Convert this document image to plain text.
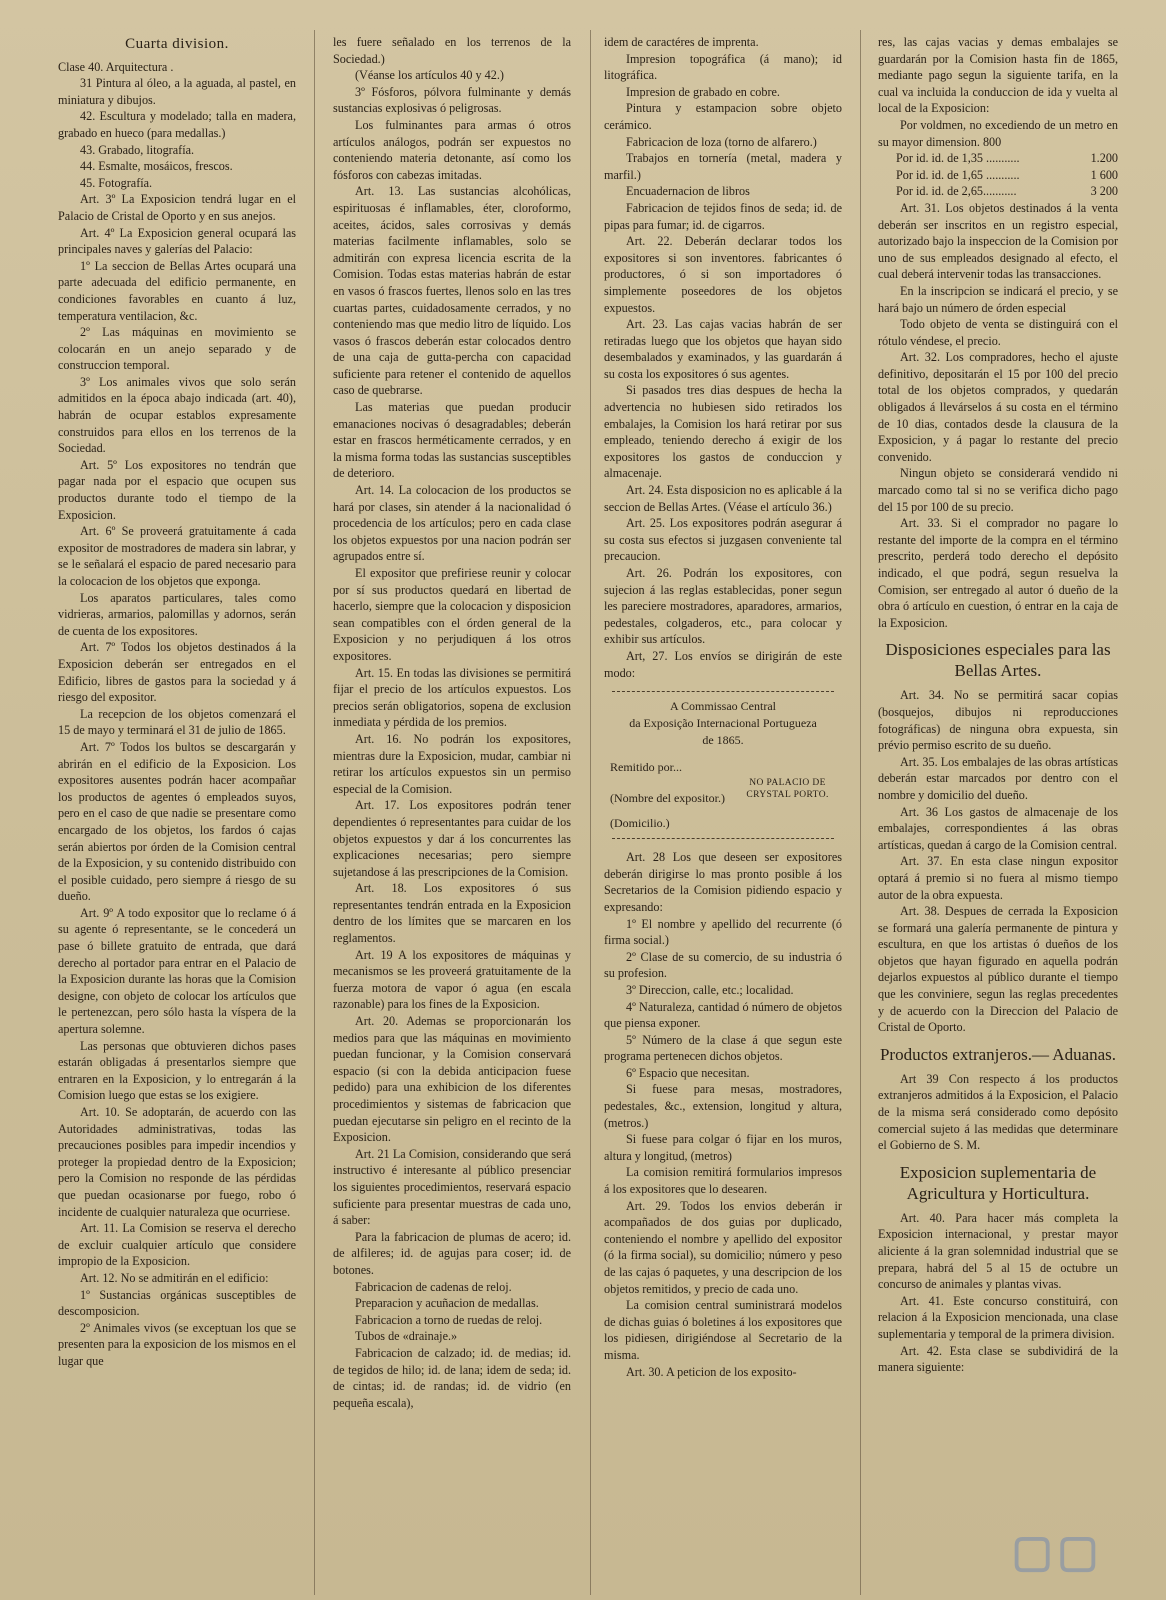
Cuarta division.

Clase 40. Arquitectura .

31 Pintura al óleo, a la aguada, al pastel, en miniatura y dibujos.

42. Escultura y modelado; talla en madera, grabado en hueco (para medallas.)

43. Grabado, litografía.

44. Esmalte, mosáicos, frescos.

45. Fotografía.

Art. 3º La Exposicion tendrá lugar en el Palacio de Cristal de Oporto y en sus anejos.

Art. 4º La Exposicion general ocupará las principales naves y galerías del Palacio:

1º La seccion de Bellas Artes ocupará una parte adecuada del edificio permanente, en condiciones favorables en cuanto á luz, temperatura ventilacion, &c.

2º Las máquinas en movimiento se colocarán en un anejo separado y de construccion temporal.

3º Los animales vivos que solo serán admitidos en la época abajo indicada (art. 40), habrán de ocupar establos expresamente construidos para ellos en los terrenos de la Sociedad.

Art. 5º Los expositores no tendrán que pagar nada por el espacio que ocupen sus productos durante todo el tiempo de la Exposicion.

Art. 6º Se proveerá gratuitamente á cada expositor de mostradores de madera sin labrar, y se le señalará el espacio de pared necesario para la colocacion de los objetos que exponga.

Los aparatos particulares, tales como vidrieras, armarios, palomillas y adornos, serán de cuenta de los expositores.

Art. 7º Todos los objetos destinados á la Exposicion deberán ser entregados en el Edificio, libres de gastos para la sociedad y á riesgo del expositor.

La recepcion de los objetos comenzará el 15 de mayo y terminará el 31 de julio de 1865.

Art. 7º Todos los bultos se descargarán y abrirán en el edificio de la Exposicion. Los expositores ausentes podrán hacer acompañar los productos de agentes ó empleados suyos, pero en el caso de que nadie se presentare como encargado de los objetos, los fardos ó cajas serán abiertos por órden de la Comision central de la Exposicion, y su contenido distribuido con el posible cuidado, pero siempre á riesgo de su dueño.

Art. 9º A todo expositor que lo reclame ó á su agente ó representante, se le concederá un pase ó billete gratuito de entrada, que dará derecho al portador para entrar en el Palacio de la Exposicion durante las horas que la Comision designe, con objeto de colocar los artículos que le pertenezcan, pero sólo hasta la víspera de la apertura solemne.

Las personas que obtuvieren dichos pases estarán obligadas á presentarlos siempre que entraren en la Exposicion, y lo entregarán á la Comision luego que estas se los exigiere.

Art. 10. Se adoptarán, de acuerdo con las Autoridades administrativas, todas las precauciones posibles para impedir incendios y proteger la propiedad dentro de la Exposicion; pero la Comision no responde de las pérdidas que puedan ocasionarse por fuego, robo ó incidente de cualquier naturaleza que ocurriese.

Art. 11. La Comision se reserva el derecho de excluir cualquier artículo que considere impropio de la Exposicion.

Art. 12. No se admitirán en el edificio:

1º Sustancias orgánicas susceptibles de descomposicion.

2º Animales vivos (se exceptuan los que se presenten para la exposicion de los mismos en el lugar que

les fuere señalado en los terrenos de la Sociedad.)

(Véanse los artículos 40 y 42.)

3º Fósforos, pólvora fulminante y demás sustancias explosivas ó peligrosas.

Los fulminantes para armas ó otros artículos análogos, podrán ser expuestos no conteniendo materia detonante, así como los fósforos con cabezas imitadas.

Art. 13. Las sustancias alcohólicas, espirituosas é inflamables, éter, cloroformo, aceites, ácidos, sales corrosivas y demás materias facilmente inflamables, solo se admitirán con expresa licencia escrita de la Comision. Todas estas materias habrán de estar en vasos ó frascos fuertes, llenos solo en las tres cuartas partes, cuidadosamente cerrados, y no conteniendo mas que medio litro de líquido. Los vasos ó frascos deberán estar colocados dentro de una caja de gutta-percha con capacidad suficiente para retener el contenido de aquellos caso de quebrarse.

Las materias que puedan producir emanaciones nocivas ó desagradables; deberán estar en frascos herméticamente cerrados, y en la misma forma todas las sustancias susceptibles de deterioro.

Art. 14. La colocacion de los productos se hará por clases, sin atender á la nacionalidad ó procedencia de los artículos; pero en cada clase los objetos expuestos por una nacion podrán ser agrupados entre sí.

El expositor que prefiriese reunir y colocar por sí sus productos quedará en libertad de hacerlo, siempre que la colocacion y disposicion sean compatibles con el órden general de la Exposicion y no perjudiquen á los otros expositores.

Art. 15. En todas las divisiones se permitirá fijar el precio de los artículos expuestos. Los precios serán obligatorios, sopena de exclusion inmediata y pérdida de los premios.

Art. 16. No podrán los expositores, mientras dure la Exposicion, mudar, cambiar ni retirar los artículos expuestos sin un permiso especial de la Comision.

Art. 17. Los expositores podrán tener dependientes ó representantes para cuidar de los objetos expuestos y dar á los concurrentes las explicaciones necesarias; pero siempre sujetandose á las prescripciones de la Comision.

Art. 18. Los expositores ó sus representantes tendrán entrada en la Exposicion dentro de los límites que se marcaren en los reglamentos.

Art. 19 A los expositores de máquinas y mecanismos se les proveerá gratuitamente de la fuerza motora de vapor ó agua (en escala razonable) para los fines de la Exposicion.

Art. 20. Ademas se proporcionarán los medios para que las máquinas en movimiento puedan funcionar, y la Comision conservará espacio (si con la debida anticipacion fuese pedido) para una exhibicion de los diferentes procedimientos y sistemas de fabricacion que puedan ejecutarse sin peligro en el recinto de la Exposicion.

Art. 21 La Comision, considerando que será instructivo é interesante al público presenciar los siguientes procedimientos, reservará espacio suficiente para presentar muestras de cada uno, á saber:

Para la fabricacion de plumas de acero; id. de alfileres; id. de agujas para coser; id. de botones.

Fabricacion de cadenas de reloj.

Preparacion y acuñacion de medallas.

Fabricacion a torno de ruedas de reloj.

Tubos de «drainaje.»

Fabricacion de calzado; id. de medias; id. de tegidos de hilo; id. de lana; idem de seda; id. de cintas; id. de randas; id. de vidrio (en pequeña escala),

idem de caractéres de imprenta.

Impresion topográfica (á mano); id litográfica.

Impresion de grabado en cobre.

Pintura y estampacion sobre objeto cerámico.

Fabricacion de loza (torno de alfarero.)

Trabajos en tornería (metal, madera y marfil.)

Encuadernacion de libros

Fabricacion de tejidos finos de seda; id. de pipas para fumar; id. de cigarros.

Art. 22. Deberán declarar todos los expositores si son inventores. fabricantes ó productores, ó si son importadores ó simplemente poseedores de los objetos expuestos.

Art. 23. Las cajas vacias habrán de ser retiradas luego que los objetos que hayan sido desembalados y examinados, y las guardarán á su costa los expositores ó sus agentes.

Si pasados tres dias despues de hecha la advertencia no hubiesen sido retirados los embalajes, la Comision los hará retirar por sus empleado, teniendo derecho á exigir de los expositores los gastos de conduccion y almacenaje.

Art. 24. Esta disposicion no es aplicable á la seccion de Bellas Artes. (Véase el artículo 36.)

Art. 25. Los expositores podrán asegurar á su costa sus efectos si juzgasen conveniente tal precaucion.

Art. 26. Podrán los expositores, con sujecion á las reglas establecidas, poner segun les pareciere mostradores, aparadores, armarios, pedestales, colgaderos, etc., para colocar y exhibir sus artículos.

Art, 27. Los envíos se dirigirán de este modo:

A Commissao Central
da Exposição Internacional Portugueza
de 1865.
Remitido por...
(Nombre del expositor.)
(Domicilio.)
NO PALACIO DE
CRYSTAL PORTO.

Art. 28 Los que deseen ser expositores deberán dirigirse lo mas pronto posible á los Secretarios de la Comision pidiendo espacio y expresando:

1º El nombre y apellido del recurrente (ó firma social.)

2º Clase de su comercio, de su industria ó su profesion.

3º Direccion, calle, etc.; localidad.

4º Naturaleza, cantidad ó número de objetos que piensa exponer.

5º Número de la clase á que segun este programa pertenecen dichos objetos.

6º Espacio que necesitan.

Si fuese para mesas, mostradores, pedestales, &c., extension, longitud y altura, (metros.)

Si fuese para colgar ó fijar en los muros, altura y longitud, (metros)

La comision remitirá formularios impresos á los expositores que lo desearen.

Art. 29. Todos los envios deberán ir acompañados de dos guias por duplicado, conteniendo el nombre y apellido del expositor (ó la firma social), su domicilio; número y peso de las cajas ó paquetes, y una descripcion de los objetos remitidos, y precio de cada uno.

La comision central suministrará modelos de dichas guias ó boletines á los expositores que los pidiesen, dirigiéndose al Secretario de la misma.

Art. 30. A peticion de los exposito-

res, las cajas vacias y demas embalajes se guardarán por la Comision hasta fin de 1865, mediante pago segun la siguiente tarifa, en la cual va incluida la conduccion de ida y vuelta al local de la Exposicion:

Por voldmen, no excediendo de un metro en su mayor dimension. 800

Por id. id. de 1,35 ...........	1.200
Por id. id. de 1,65 ...........	1 600
Por id. id. de 2,65...........	3 200

Art. 31. Los objetos destinados á la venta deberán ser inscritos en un registro especial, autorizado bajo la inspeccion de la Comision por uno de sus empleados designado al efecto, el cual deberá intervenir todas las transacciones.

En la inscripcion se indicará el precio, y se hará bajo un número de órden especial

Todo objeto de venta se distinguirá con el rótulo véndese, el precio.

Art. 32. Los compradores, hecho el ajuste definitivo, depositarán el 15 por 100 del precio total de los objetos comprados, y quedarán obligados á llevárselos á su costa en el término de 10 dias, contados desde la clausura de la Exposicion, y á pagar lo restante del precio convenido.

Ningun objeto se considerará vendido ni marcado como tal si no se verifica dicho pago del 15 por 100 de su precio.

Art. 33. Si el comprador no pagare lo restante del importe de la compra en el término prescrito, perderá todo derecho el depósito indicado, el que podrá, segun resuelva la Comision, ser entregado al autor ó dueño de la obra ó artículo en cuestion, ó entrar en la caja de la Exposicion.

Disposiciones especiales para las Bellas Artes.

Art. 34. No se permitirá sacar copias (bosquejos, dibujos ni reproducciones fotográficas) de ninguna obra expuesta, sin prévio permiso escrito de su dueño.

Art. 35. Los embalajes de las obras artísticas deberán estar marcados por dentro con el nombre y domicilio del dueño.

Art. 36 Los gastos de almacenaje de los embalajes, correspondientes á las obras artísticas, quedan á cargo de la Comision central.

Art. 37. En esta clase ningun expositor optará á premio si no fuera al mismo tiempo autor de la obra expuesta.

Art. 38. Despues de cerrada la Exposicion se formará una galería permanente de pintura y escultura, en que los artistas ó dueños de los objetos que hayan figurado en aquella podrán dejarlos expuestos al público durante el tiempo que les conviniere, segun las reglas precedentes y de acuerdo con la Direccion del Palacio de Cristal de Oporto.

Productos extranjeros.— Aduanas.

Art 39 Con respecto á los productos extranjeros admitidos á la Exposicion, el Palacio de la misma será considerado como depósito comercial sujeto á las medidas que determinare el Gobierno de S. M.

Exposicion suplementaria de Agricultura y Horticultura.

Art. 40. Para hacer más completa la Exposicion internacional, y prestar mayor aliciente á la gran solemnidad industrial que se prepara, habrá del 5 al 15 de octubre un concurso de animales y plantas vivas.

Art. 41. Este concurso constituirá, con relacion á la Exposicion mencionada, una clase suplementaria y temporal de la primera division.

Art. 42. Esta clase se subdividirá de la manera siguiente:

▢▢
